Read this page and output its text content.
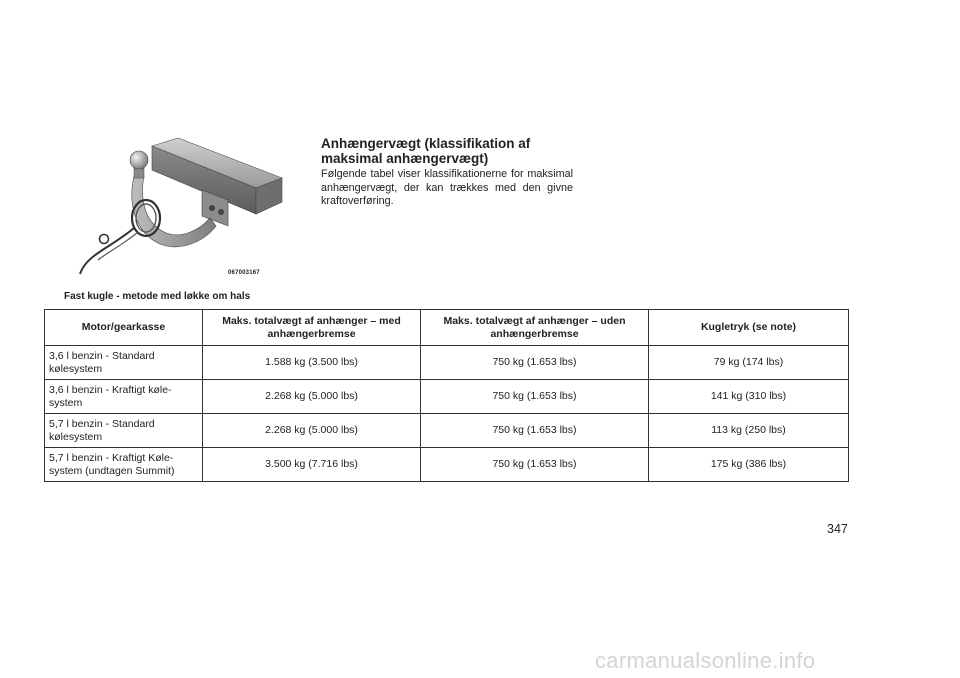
067003167
Fast kugle - metode med løkke om hals
Anhængervægt (klassifikation af
maksimal anhængervægt)

Følgende tabel viser klassifikationerne for maksimal anhængervægt, der kan trækkes med den givne kraftoverføring.

Motor/gearkasse	Maks. totalvægt af anhænger – med anhængerbremse	Maks. totalvægt af anhænger – uden anhængerbremse	Kugletryk (se note)
3,6 l benzin - Standard kølesystem	1.588 kg (3.500 lbs)	750 kg (1.653 lbs)	79 kg (174 lbs)
3,6 l benzin - Kraftigt køle-system	2.268 kg (5.000 lbs)	750 kg (1.653 lbs)	141 kg (310 lbs)
5,7 l benzin - Standard kølesystem	2.268 kg (5.000 lbs)	750 kg (1.653 lbs)	113 kg (250 lbs)
5,7 l benzin - Kraftigt Køle-system (undtagen Summit)	3.500 kg (7.716 lbs)	750 kg (1.653 lbs)	175 kg (386 lbs)
347
carmanualsonline.info
